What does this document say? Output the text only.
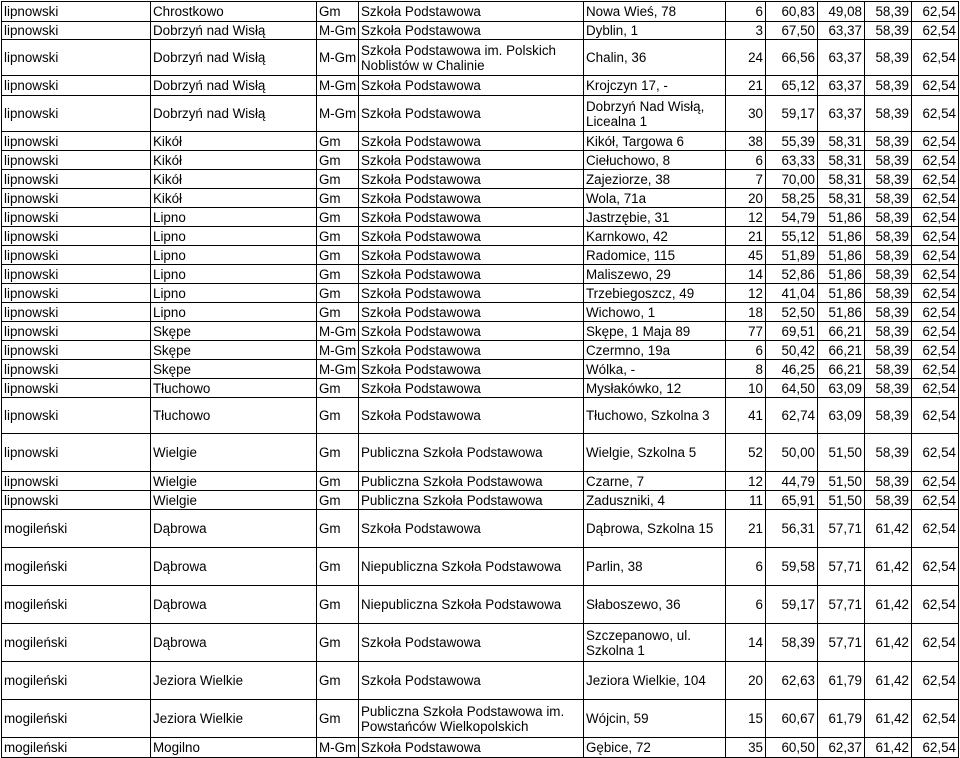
lipnowski	Chrostkowo	Gm	Szkoła Podstawowa	Nowa Wieś, 78	6	60,83	49,08	58,39	62,54
lipnowski	Dobrzyń nad Wisłą	M-Gm	Szkoła Podstawowa	Dyblin, 1	3	67,50	63,37	58,39	62,54
lipnowski	Dobrzyń nad Wisłą	M-Gm	Szkoła Podstawowa im. Polskich Noblistów w Chalinie	Chalin, 36	24	66,56	63,37	58,39	62,54
lipnowski	Dobrzyń nad Wisłą	M-Gm	Szkoła Podstawowa	Krojczyn 17, -	21	65,12	63,37	58,39	62,54
lipnowski	Dobrzyń nad Wisłą	M-Gm	Szkoła Podstawowa	Dobrzyń Nad Wisłą, Licealna 1	30	59,17	63,37	58,39	62,54
lipnowski	Kikół	Gm	Szkoła Podstawowa	Kikół, Targowa 6	38	55,39	58,31	58,39	62,54
lipnowski	Kikół	Gm	Szkoła Podstawowa	Ciełuchowo, 8	6	63,33	58,31	58,39	62,54
lipnowski	Kikół	Gm	Szkoła Podstawowa	Zajeziorze, 38	7	70,00	58,31	58,39	62,54
lipnowski	Kikół	Gm	Szkoła Podstawowa	Wola, 71a	20	58,25	58,31	58,39	62,54
lipnowski	Lipno	Gm	Szkoła Podstawowa	Jastrzębie, 31	12	54,79	51,86	58,39	62,54
lipnowski	Lipno	Gm	Szkoła Podstawowa	Karnkowo, 42	21	55,12	51,86	58,39	62,54
lipnowski	Lipno	Gm	Szkoła Podstawowa	Radomice, 115	45	51,89	51,86	58,39	62,54
lipnowski	Lipno	Gm	Szkoła Podstawowa	Maliszewo, 29	14	52,86	51,86	58,39	62,54
lipnowski	Lipno	Gm	Szkoła Podstawowa	Trzebiegoszcz, 49	12	41,04	51,86	58,39	62,54
lipnowski	Lipno	Gm	Szkoła Podstawowa	Wichowo, 1	18	52,50	51,86	58,39	62,54
lipnowski	Skępe	M-Gm	Szkoła Podstawowa	Skępe, 1 Maja 89	77	69,51	66,21	58,39	62,54
lipnowski	Skępe	M-Gm	Szkoła Podstawowa	Czermno, 19a	6	50,42	66,21	58,39	62,54
lipnowski	Skępe	M-Gm	Szkoła Podstawowa	Wólka, -	8	46,25	66,21	58,39	62,54
lipnowski	Tłuchowo	Gm	Szkoła Podstawowa	Mysłakówko, 12	10	64,50	63,09	58,39	62,54
lipnowski	Tłuchowo	Gm	Szkoła Podstawowa	Tłuchowo, Szkolna 3	41	62,74	63,09	58,39	62,54
lipnowski	Wielgie	Gm	Publiczna Szkoła Podstawowa	Wielgie, Szkolna 5	52	50,00	51,50	58,39	62,54
lipnowski	Wielgie	Gm	Publiczna Szkoła Podstawowa	Czarne, 7	12	44,79	51,50	58,39	62,54
lipnowski	Wielgie	Gm	Publiczna Szkoła Podstawowa	Zaduszniki, 4	11	65,91	51,50	58,39	62,54
mogileński	Dąbrowa	Gm	Szkoła Podstawowa	Dąbrowa, Szkolna 15	21	56,31	57,71	61,42	62,54
mogileński	Dąbrowa	Gm	Niepubliczna Szkoła Podstawowa	Parlin, 38	6	59,58	57,71	61,42	62,54
mogileński	Dąbrowa	Gm	Niepubliczna Szkoła Podstawowa	Słaboszewo, 36	6	59,17	57,71	61,42	62,54
mogileński	Dąbrowa	Gm	Szkoła Podstawowa	Szczepanowo, ul. Szkolna 1	14	58,39	57,71	61,42	62,54
mogileński	Jeziora Wielkie	Gm	Szkoła Podstawowa	Jeziora Wielkie, 104	20	62,63	61,79	61,42	62,54
mogileński	Jeziora Wielkie	Gm	Publiczna Szkoła Podstawowa im. Powstańców Wielkopolskich	Wójcin, 59	15	60,67	61,79	61,42	62,54
mogileński	Mogilno	M-Gm	Szkoła Podstawowa	Gębice, 72	35	60,50	62,37	61,42	62,54
